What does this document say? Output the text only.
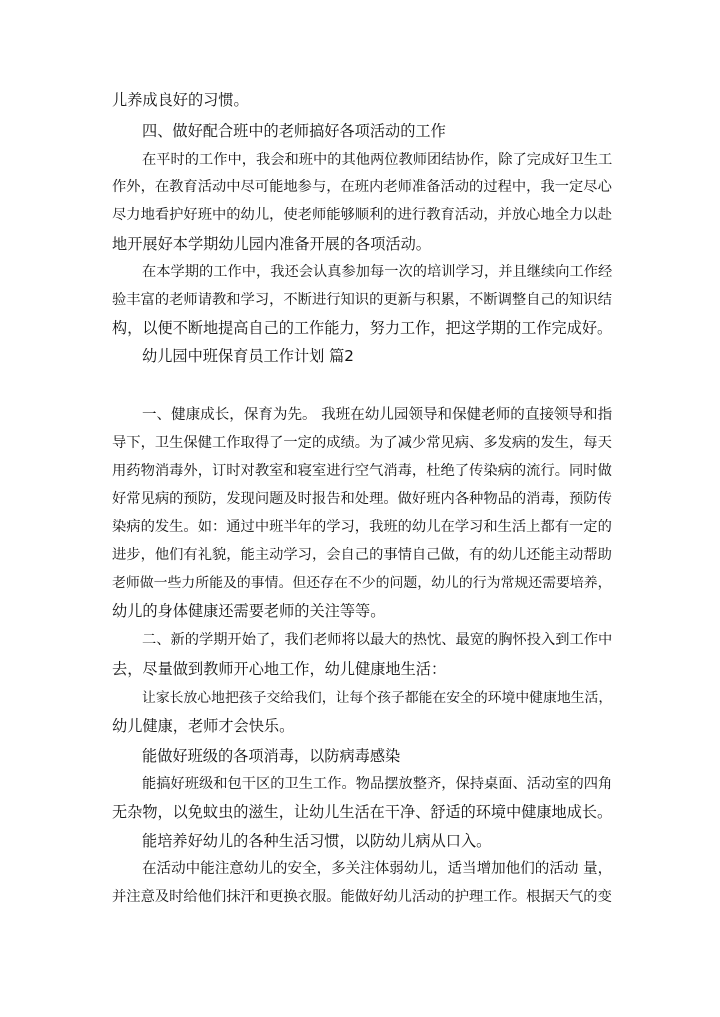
儿养成良好的习惯。
四、做好配合班中的老师搞好各项活动的工作
在平时的工作中，我会和班中的其他两位教师团结协作，除了完成好卫生工
作外，在教育活动中尽可能地参与，在班内老师准备活动的过程中，我一定尽心
尽力地看护好班中的幼儿，使老师能够顺利的进行教育活动，并放心地全力以赴
地开展好本学期幼儿园内准备开展的各项活动。
在本学期的工作中，我还会认真参加每一次的培训学习，并且继续向工作经
验丰富的老师请教和学习，不断进行知识的更新与积累，不断调整自己的知识结
构，以便不断地提高自己的工作能力，努力工作，把这学期的工作完成好。
幼儿园中班保育员工作计划 篇2
一、健康成长，保育为先。 我班在幼儿园领导和保健老师的直接领导和指
导下，卫生保健工作取得了一定的成绩。为了减少常见病、多发病的发生，每天
用药物消毒外，订时对教室和寝室进行空气消毒，杜绝了传染病的流行。同时做
好常见病的预防，发现问题及时报告和处理。做好班内各种物品的消毒，预防传
染病的发生。如：通过中班半年的学习，我班的幼儿在学习和生活上都有一定的
进步，他们有礼貌，能主动学习，会自己的事情自己做，有的幼儿还能主动帮助
老师做一些力所能及的事情。但还存在不少的问题，幼儿的行为常规还需要培养，
幼儿的身体健康还需要老师的关注等等。
二、新的学期开始了，我们老师将以最大的热忱、最宽的胸怀投入到工作中
去，尽量做到教师开心地工作，幼儿健康地生活：
让家长放心地把孩子交给我们，让每个孩子都能在安全的环境中健康地生活，
幼儿健康，老师才会快乐。
能做好班级的各项消毒，以防病毒感染
能搞好班级和包干区的卫生工作。物品摆放整齐，保持桌面、活动室的四角
无杂物，以免蚊虫的滋生，让幼儿生活在干净、舒适的环境中健康地成长。
能培养好幼儿的各种生活习惯，以防幼儿病从口入。
在活动中能注意幼儿的安全，多关注体弱幼儿，适当增加他们的活动 量，
并注意及时给他们抹汗和更换衣服。能做好幼儿活动的护理工作。根据天气的变
